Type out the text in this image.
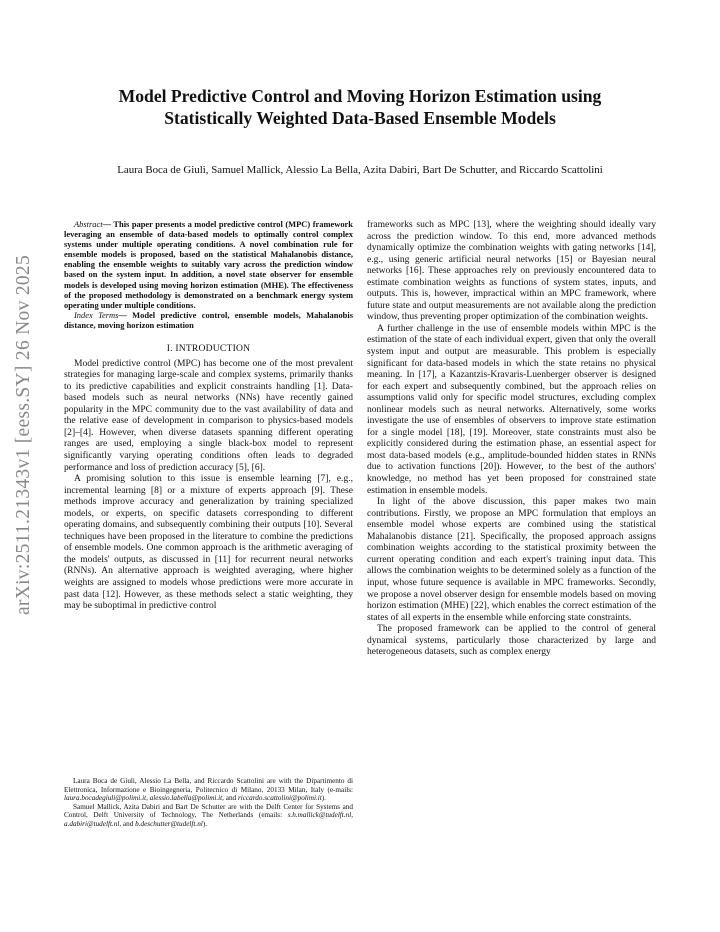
arXiv:2511.21343v1 [eess.SY] 26 Nov 2025
Model Predictive Control and Moving Horizon Estimation using
Statistically Weighted Data-Based Ensemble Models
Laura Boca de Giuli, Samuel Mallick, Alessio La Bella, Azita Dabiri, Bart De Schutter, and Riccardo Scattolini

Abstract— This paper presents a model predictive control (MPC) framework leveraging an ensemble of data-based models to optimally control complex systems under multiple operating conditions. A novel combination rule for ensemble models is proposed, based on the statistical Mahalanobis distance, enabling the ensemble weights to suitably vary across the prediction window based on the system input. In addition, a novel state observer for ensemble models is developed using moving horizon estimation (MHE). The effectiveness of the proposed methodology is demonstrated on a benchmark energy system operating under multiple conditions.

Index Terms— Model predictive control, ensemble models, Mahalanobis distance, moving horizon estimation

I. INTRODUCTION

Model predictive control (MPC) has become one of the most prevalent strategies for managing large-scale and complex systems, primarily thanks to its predictive capabilities and explicit constraints handling [1]. Data-based models such as neural networks (NNs) have recently gained popularity in the MPC community due to the vast availability of data and the relative ease of development in comparison to physics-based models [2]–[4]. However, when diverse datasets spanning different operating ranges are used, employing a single black-box model to represent significantly varying operating conditions often leads to degraded performance and loss of prediction accuracy [5], [6].

A promising solution to this issue is ensemble learning [7], e.g., incremental learning [8] or a mixture of experts approach [9]. These methods improve accuracy and generalization by training specialized models, or experts, on specific datasets corresponding to different operating domains, and subsequently combining their outputs [10]. Several techniques have been proposed in the literature to combine the predictions of ensemble models. One common approach is the arithmetic averaging of the models' outputs, as discussed in [11] for recurrent neural networks (RNNs). An alternative approach is weighted averaging, where higher weights are assigned to models whose predictions were more accurate in past data [12]. However, as these methods select a static weighting, they may be suboptimal in predictive control

Laura Boca de Giuli, Alessio La Bella, and Riccardo Scattolini are with the Dipartimento di Elettronica, Informazione e Bioingegneria, Politecnico di Milano, 20133 Milan, Italy (e-mails: laura.bocadegiuli@polimi.it, alessio.labella@polimi.it, and riccardo.scattolini@polimi.it).

Samuel Mallick, Azita Dabiri and Bart De Schutter are with the Delft Center for Systems and Control, Delft University of Technology, The Netherlands (emails: s.h.mallick@tudelft.nl, a.dabiri@tudelft.nl, and b.deschutter@tudelft.nl).

frameworks such as MPC [13], where the weighting should ideally vary across the prediction window. To this end, more advanced methods dynamically optimize the combination weights with gating networks [14], e.g., using generic artificial neural networks [15] or Bayesian neural networks [16]. These approaches rely on previously encountered data to estimate combination weights as functions of system states, inputs, and outputs. This is, however, impractical within an MPC framework, where future state and output measurements are not available along the prediction window, thus preventing proper optimization of the combination weights.

A further challenge in the use of ensemble models within MPC is the estimation of the state of each individual expert, given that only the overall system input and output are measurable. This problem is especially significant for data-based models in which the state retains no physical meaning. In [17], a Kazantzis-Kravaris-Luenberger observer is designed for each expert and subsequently combined, but the approach relies on assumptions valid only for specific model structures, excluding complex nonlinear models such as neural networks. Alternatively, some works investigate the use of ensembles of observers to improve state estimation for a single model [18], [19]. Moreover, state constraints must also be explicitly considered during the estimation phase, an essential aspect for most data-based models (e.g., amplitude-bounded hidden states in RNNs due to activation functions [20]). However, to the best of the authors' knowledge, no method has yet been proposed for constrained state estimation in ensemble models.

In light of the above discussion, this paper makes two main contributions. Firstly, we propose an MPC formulation that employs an ensemble model whose experts are combined using the statistical Mahalanobis distance [21]. Specifically, the proposed approach assigns combination weights according to the statistical proximity between the current operating condition and each expert's training input data. This allows the combination weights to be determined solely as a function of the input, whose future sequence is available in MPC frameworks. Secondly, we propose a novel observer design for ensemble models based on moving horizon estimation (MHE) [22], which enables the correct estimation of the states of all experts in the ensemble while enforcing state constraints.

The proposed framework can be applied to the control of general dynamical systems, particularly those characterized by large and heterogeneous datasets, such as complex energy
